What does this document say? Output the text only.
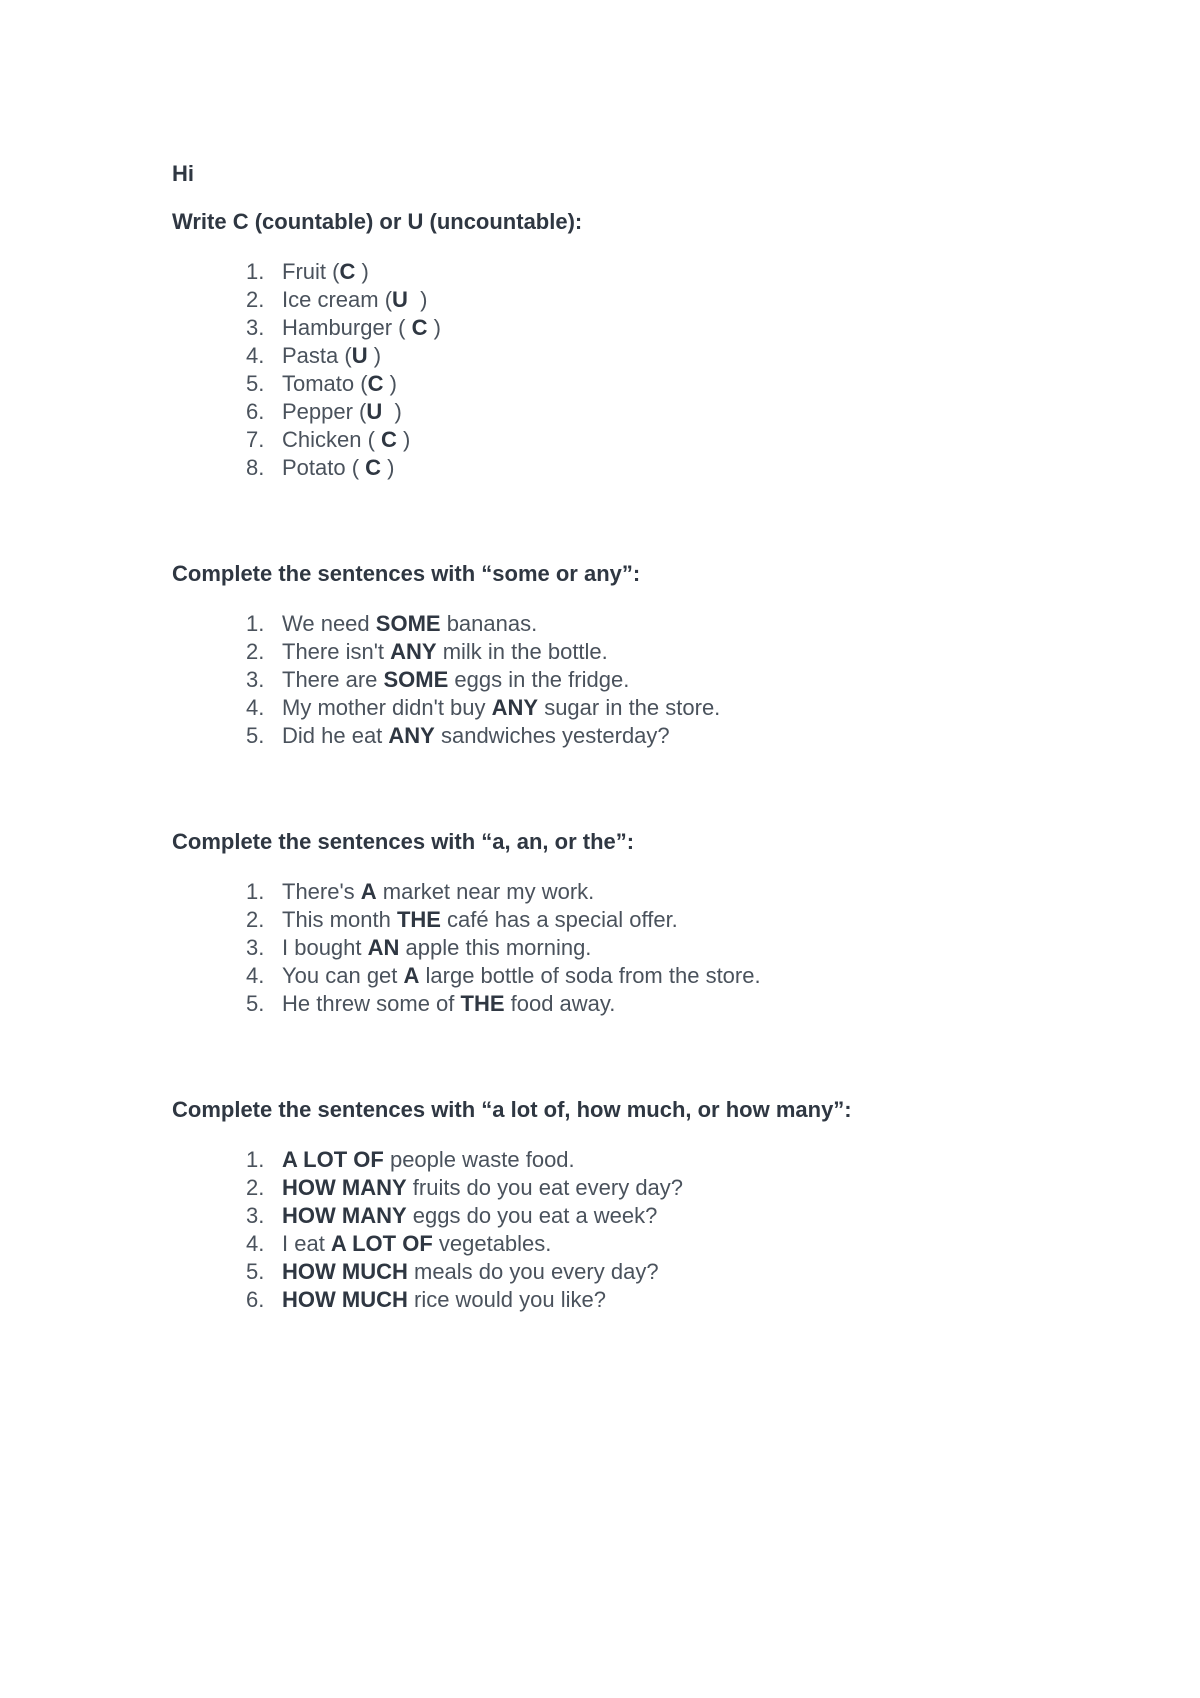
Hi

Write C (countable) or U (uncountable):

1. Fruit ( C )
2. Ice cream ( U )
3. Hamburger ( C )
4. Pasta ( U )
5. Tomato ( C )
6. Pepper ( U )
7. Chicken ( C )
8. Potato ( C )

Complete the sentences with “some or any”:

1. We need SOME bananas.
2. There isn't ANY milk in the bottle.
3. There are SOME eggs in the fridge.
4. My mother didn't buy ANY sugar in the store.
5. Did he eat ANY sandwiches yesterday?

Complete the sentences with “a, an, or the”:

1. There's A market near my work.
2. This month THE café has a special offer.
3. I bought AN apple this morning.
4. You can get A large bottle of soda from the store.
5. He threw some of THE food away.

Complete the sentences with “a lot of, how much, or how many”:

1. A LOT OF people waste food.
2. HOW MANY fruits do you eat every day?
3. HOW MANY eggs do you eat a week?
4. I eat A LOT OF vegetables.
5. HOW MUCH meals do you every day?
6. HOW MUCH rice would you like?
